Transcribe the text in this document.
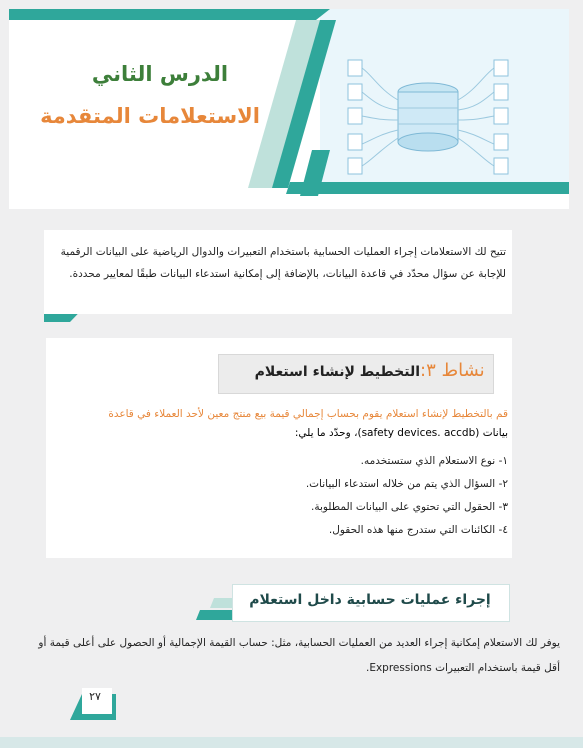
الدرس الثاني
الاستعلامات المتقدمة
تتيح لك الاستعلامات إجراء العمليات الحسابية باستخدام التعبيرات والدوال الرياضية على البيانات الرقمية للإجابة عن سؤال محدّد في قاعدة البيانات، بالإضافة إلى إمكانية استدعاء البيانات طبقًا لمعايير محددة.
نشاط ٣:
التخطيط لإنشاء استعلام
قم بالتخطيط لإنشاء استعلام يقوم بحساب إجمالي قيمة بيع منتج معين لأحد العملاء في قاعدة
بيانات (safety devices. accdb)، وحدّد ما يلي:
١- نوع الاستعلام الذي ستستخدمه.
٢- السؤال الذي يتم من خلاله استدعاء البيانات.
٣- الحقول التي تحتوي على البيانات المطلوبة.
٤- الكائنات التي ستدرج منها هذه الحقول.
إجراء عمليات حسابية داخل استعلام
يوفر لك الاستعلام إمكانية إجراء العديد من العمليات الحسابية، مثل: حساب القيمة الإجمالية أو الحصول على أعلى قيمة أو أقل قيمة باستخدام التعبيرات Expressions.
٢٧
